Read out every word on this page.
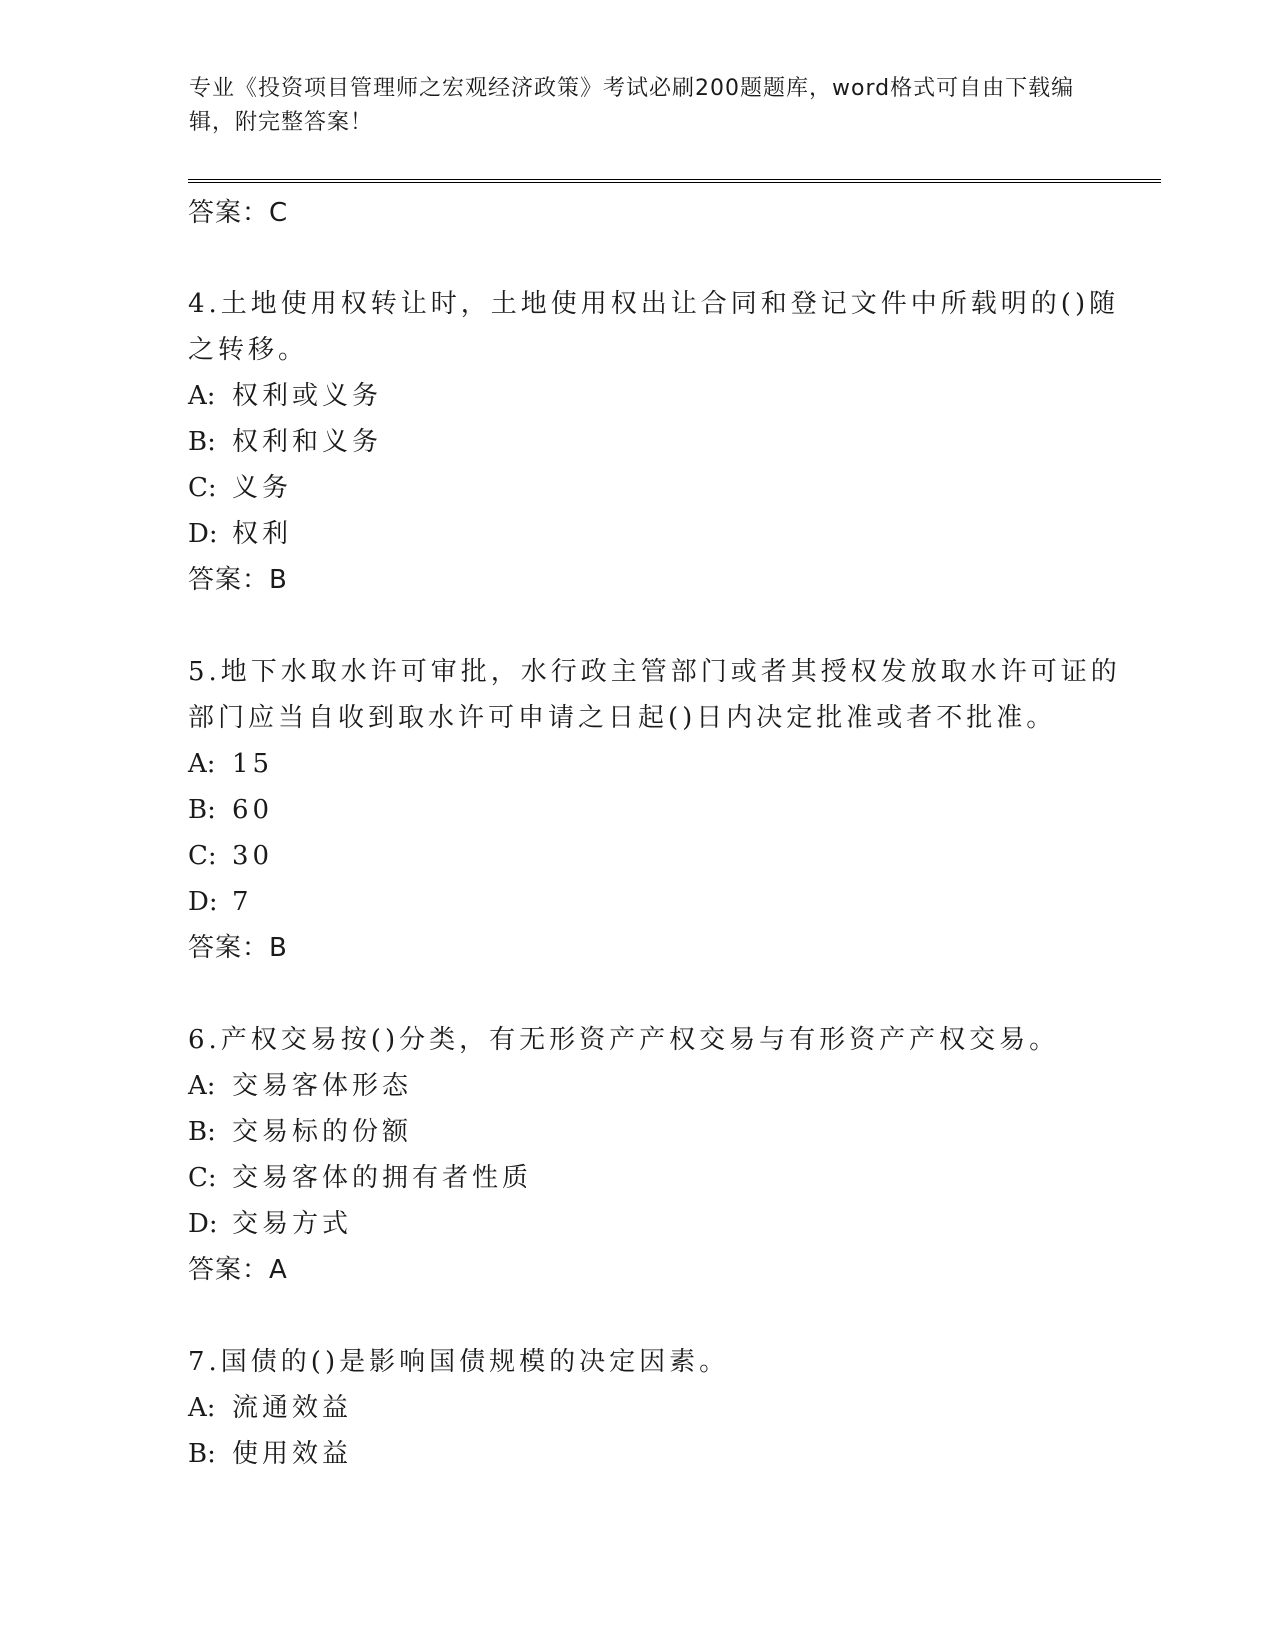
专业《投资项目管理师之宏观经济政策》考试必刷200题题库，word格式可自由下载编辑，附完整答案！
答案：C
4.土地使用权转让时，土地使用权出让合同和登记文件中所载明的()随之转移。
A: 权利或义务
B: 权利和义务
C: 义务
D: 权利
答案：B
5.地下水取水许可审批，水行政主管部门或者其授权发放取水许可证的部门应当自收到取水许可申请之日起()日内决定批准或者不批准。
A: 15
B: 60
C: 30
D: 7
答案：B
6.产权交易按()分类，有无形资产产权交易与有形资产产权交易。
A: 交易客体形态
B: 交易标的份额
C: 交易客体的拥有者性质
D: 交易方式
答案：A
7.国债的()是影响国债规模的决定因素。
A: 流通效益
B: 使用效益
